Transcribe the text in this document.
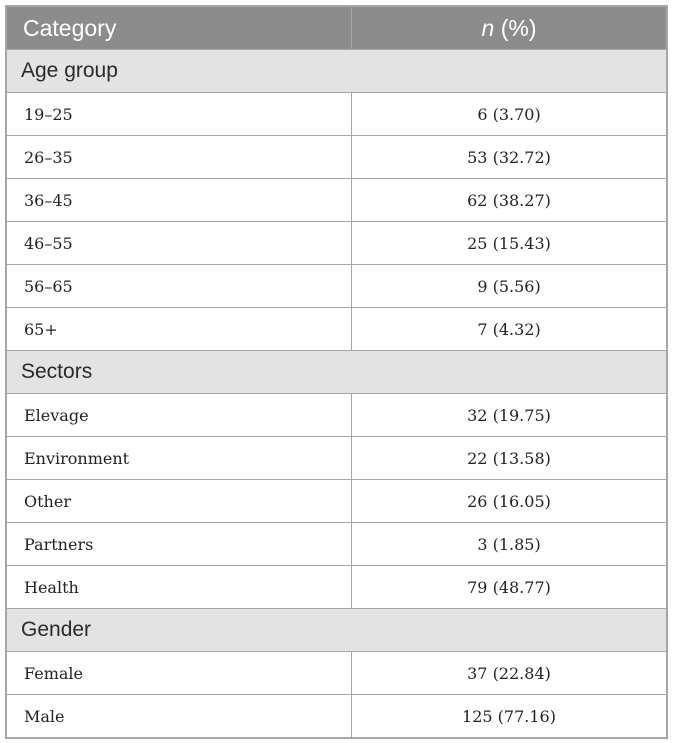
Category	n (%)
Age group	
19–25	6 (3.70)
26–35	53 (32.72)
36–45	62 (38.27)
46–55	25 (15.43)
56–65	9 (5.56)
65+	7 (4.32)
Sectors	
Elevage	32 (19.75)
Environment	22 (13.58)
Other	26 (16.05)
Partners	3 (1.85)
Health	79 (48.77)
Gender	
Female	37 (22.84)
Male	125 (77.16)
